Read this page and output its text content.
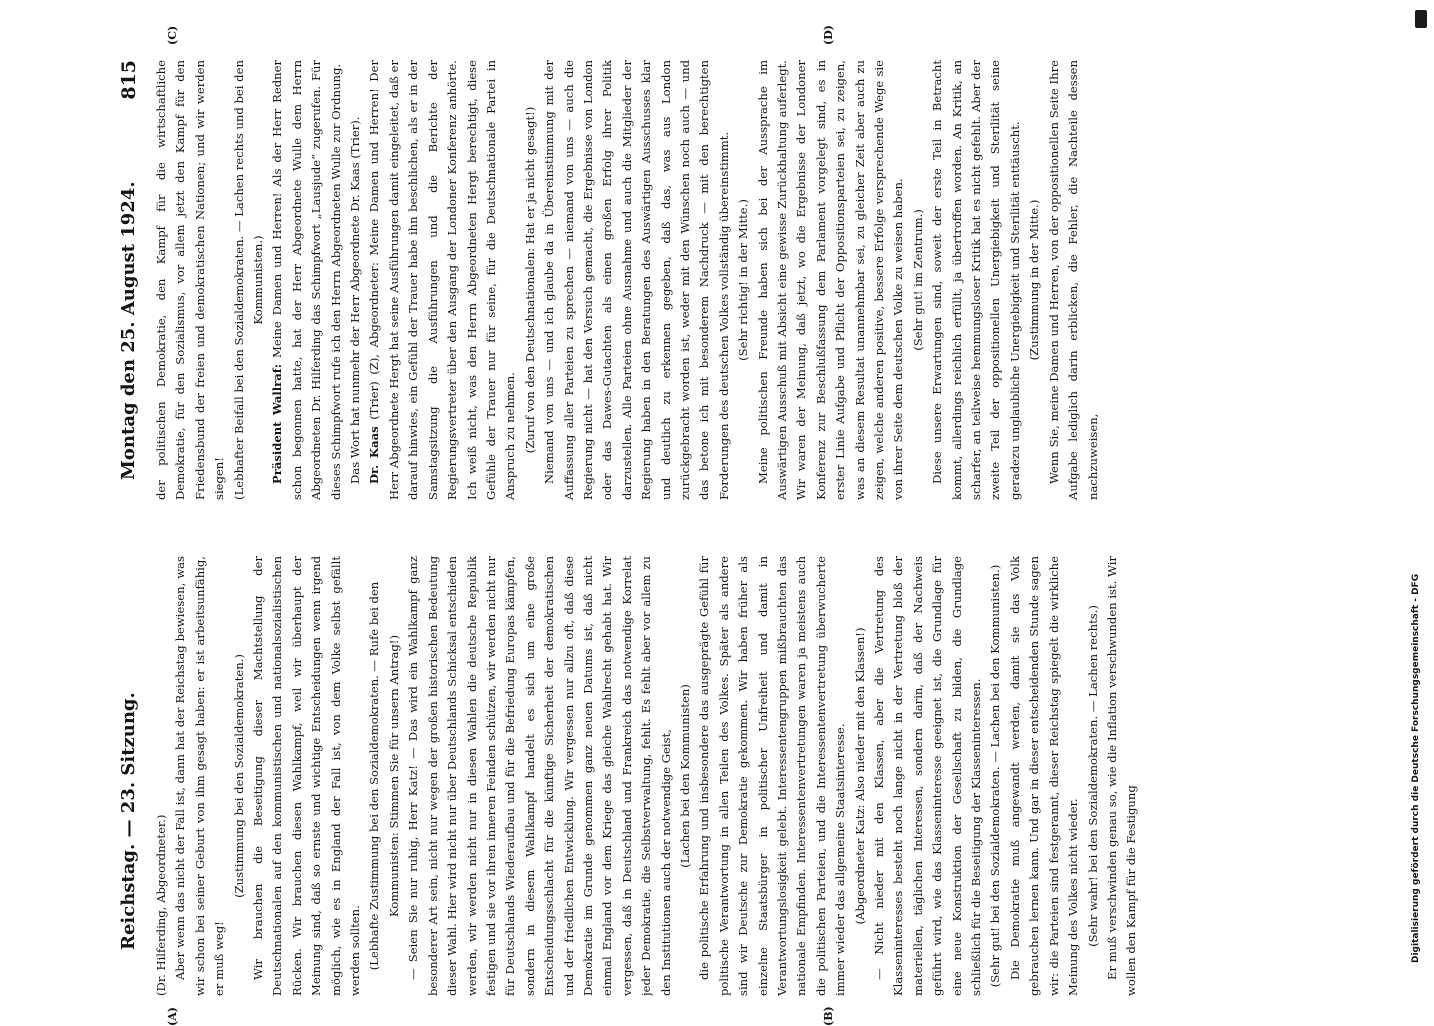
Reichstag. — 23. Sitzung.
Montag den 25. August 1924.
815
(A)	(B)
(C)	(D)

(Dr. Hilferding, Abgeordneter.) Aber wenn das nicht der Fall ist, dann hat der Reichstag bewiesen, was wir schon bei seiner Geburt von ihm gesagt haben: er ist arbeitsunfähig, er muß weg!

(Zustimmung bei den Sozialdemokraten.) Wir brauchen die Beseitigung dieser Machtstellung der Deutschnationalen auf den kommunistischen und nationalsozialistischen Rücken. Wir brauchen diesen Wahlkampf, weil wir überhaupt der Meinung sind, daß so ernste und wichtige Entscheidungen wenn irgend möglich, wie es in England der Fall ist, von dem Volke selbst gefällt werden sollten. (Lebhafte Zustimmung bei den Sozialdemokraten. — Rufe bei den Kommunisten: Stimmen Sie für unsern Antrag!) — Seien Sie nur ruhig, Herr Katz! — Das wird ein Wahlkampf ganz besonderer Art sein, nicht nur wegen der großen historischen Bedeutung dieser Wahl. Hier wird nicht nur über Deutschlands Schicksal entschieden werden, wir werden nicht nur in diesen Wahlen die deutsche Republik festigen und sie vor ihren inneren Feinden schützen, wir werden nicht nur für Deutschlands Wiederaufbau und für die Befriedung Europas kämpfen, sondern in diesem Wahlkampf handelt es sich um eine große Entscheidungsschlacht für die künftige Sicherheit der demokratischen und der friedlichen Entwicklung. Wir vergessen nur allzu oft, daß diese Demokratie im Grunde genommen ganz neuen Datums ist, daß nicht einmal England vor dem Kriege das gleiche Wahlrecht gehabt hat. Wir vergessen, daß in Deutschland und Frankreich das notwendige Korrelat jeder Demokratie, die Selbstverwaltung, fehlt. Es fehlt aber vor allem zu den Institutionen auch der notwendige Geist, (Lachen bei den Kommunisten) die politische Erfahrung und insbesondere das ausgeprägte Gefühl für politische Verantwortung in allen Teilen des Volkes. Später als andere sind wir Deutsche zur Demokratie gekommen. Wir haben früher als einzelne Staatsbürger in politischer Unfreiheit und damit in Verantwortungslosigkeit gelebt. Interessentengruppen mißbrauchten das nationale Empfinden. Interessentenvertretungen waren ja meistens auch die politischen Parteien, und die Interessentenvertretung überwucherte immer wieder das allgemeine Staatsinteresse. (Abgeordneter Katz: Also nieder mit den Klassen!) — Nicht nieder mit den Klassen, aber die Vertretung des Klasseninteresses besteht noch lange nicht in der Vertretung bloß der materiellen, täglichen Interessen, sondern darin, daß der Nachweis geführt wird, wie das Klasseninteresse geeignet ist, die Grundlage für eine neue Konstruktion der Gesellschaft zu bilden, die Grundlage schließlich für die Beseitigung der Klasseninteressen. (Sehr gut! bei den Sozialdemokraten. — Lachen bei den Kommunisten.) Die Demokratie muß angewandt werden, damit sie das Volk gebrauchen lernen kann. Und gar in dieser entscheidenden Stunde sagen wir: die Parteien sind festgerannt, dieser Reichstag spiegelt die wirkliche Meinung des Volkes nicht wieder. (Sehr wahr! bei den Sozialdemokraten. — Lachen rechts.) Er muß verschwinden genau so, wie die Inflation verschwunden ist. Wir wollen den Kampf für die Festigung

der politischen Demokratie, den Kampf für die wirtschaftliche Demokratie, für den Sozialismus, vor allem jetzt den Kampf für den Friedensbund der freien und demokratischen Nationen; und wir werden siegen! (Lebhafter Beifall bei den Sozialdemokraten. — Lachen rechts und bei den Kommunisten.)

Präsident Wallraf: Meine Damen und Herren! Als der Herr Redner schon begonnen hatte, hat der Herr Abgeordnete Wulle dem Herrn Abgeordneten Dr. Hilferding das Schimpfwort „Lausjude“ zugerufen. Für dieses Schimpfwort rufe ich den Herrn Abgeordneten Wulle zur Ordnung. Das Wort hat nunmehr der Herr Abgeordnete Dr. Kaas (Trier). Dr. Kaas (Trier) (Z), Abgeordneter: Meine Damen und Herren! Der Herr Abgeordnete Hergt hat seine Ausführungen damit eingeleitet, daß er darauf hinwies, ein Gefühl der Trauer habe ihn beschlichen, als er in der Samstagsitzung die Ausführungen und die Berichte der Regierungsvertreter über den Ausgang der Londoner Konferenz anhörte. Ich weiß nicht, was den Herrn Abgeordneten Hergt berechtigt, diese Gefühle der Trauer nur für seine, für die Deutschnationale Partei in Anspruch zu nehmen. (Zuruf von den Deutschnationalen: Hat er ja nicht gesagt!) Niemand von uns — und ich glaube da in Übereinstimmung mit der Auffassung aller Parteien zu sprechen — niemand von uns — auch die Regierung nicht — hat den Versuch gemacht, die Ergebnisse von London oder das Dawes-Gutachten als einen großen Erfolg ihrer Politik darzustellen. Alle Parteien ohne Ausnahme und auch die Mitglieder der Regierung haben in den Beratungen des Auswärtigen Ausschusses klar und deutlich zu erkennen gegeben, daß das, was aus London zurückgebracht worden ist, weder mit den Wünschen noch auch — und das betone ich mit besonderem Nachdruck — mit den berechtigten Forderungen des deutschen Volkes vollständig übereinstimmt. (Sehr richtig! in der Mitte.) Meine politischen Freunde haben sich bei der Aussprache im Auswärtigen Ausschuß mit Absicht eine gewisse Zurückhaltung auferlegt. Wir waren der Meinung, daß jetzt, wo die Ergebnisse der Londoner Konferenz zur Beschlußfassung dem Parlament vorgelegt sind, es in erster Linie Aufgabe und Pflicht der Oppositionsparteien sei, zu zeigen, was an diesem Resultat unannehmbar sei, zu gleicher Zeit aber auch zu zeigen, welche anderen positive, bessere Erfolge versprechende Wege sie von ihrer Seite dem deutschen Volke zu weisen haben. (Sehr gut! im Zentrum.) Diese unsere Erwartungen sind, soweit der erste Teil in Betracht kommt, allerdings reichlich erfüllt, ja übertroffen worden. An Kritik, an scharfer, an teilweise hemmungsloser Kritik hat es nicht gefehlt. Aber der zweite Teil der oppositionellen Unergiebigkeit und Sterilität seine geradezu unglaubliche Unergiebigkeit und Sterilität enttäuscht. (Zustimmung in der Mitte.) Wenn Sie, meine Damen und Herren, von der oppositionellen Seite Ihre Aufgabe lediglich darin erblicken, die Fehler, die Nachteile dessen nachzuweisen,

Digitalisierung gefördert durch die Deutsche Forschungsgemeinschaft - DFG
